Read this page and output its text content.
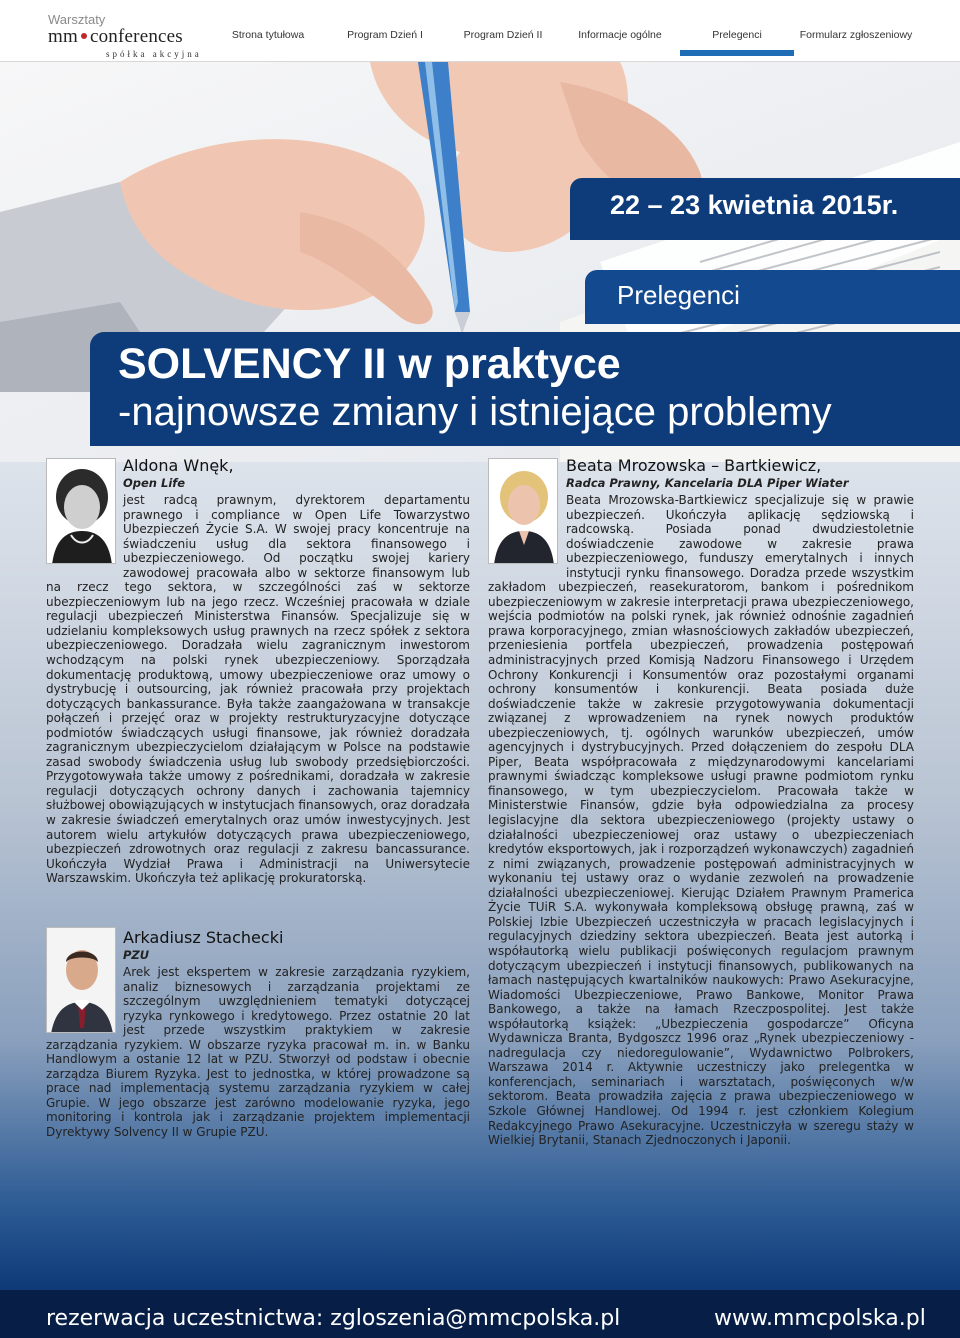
Warsztaty
mm conferences
spółka akcyjna
Strona tytułowa	Program Dzień I	Program Dzień II	Informacje ogólne	Prelegenci	Formularz zgłoszeniowy
22 – 23 kwietnia 2015r.
Prelegenci
SOLVENCY II w praktyce
-najnowsze zmiany i istniejące problemy
Aldona Wnęk,
Open Life
jest radcą prawnym, dyrektorem departamentu prawnego i compliance w Open Life Towarzystwo Ubezpieczeń Życie S.A. W swojej pracy koncentruje na świadczeniu usług dla sektora finansowego i ubezpieczeniowego. Od początku swojej kariery zawodowej pracowała albo w sektorze finansowym lub na rzecz tego sektora, w szczególności zaś w sektorze ubezpieczeniowym lub na jego rzecz. Wcześniej pracowała w dziale regulacji ubezpieczeń Ministerstwa Finansów. Specjalizuje się w udzielaniu kompleksowych usług prawnych na rzecz spółek z sektora ubezpieczeniowego. Doradzała wielu zagranicznym inwestorom wchodzącym na polski rynek ubezpieczeniowy. Sporządzała dokumentację produktową, umowy ubezpieczeniowe oraz umowy o dystrybucję i outsourcing, jak również pracowała przy projektach dotyczących bankassurance. Była także zaangażowana w transakcje połączeń i przejęć oraz w projekty restrukturyzacyjne dotyczące podmiotów świadczących usługi finansowe, jak również doradzała zagranicznym ubezpieczycielom działającym w Polsce na podstawie zasad swobody świadczenia usług lub swobody przedsiębiorczości. Przygotowywała także umowy z pośrednikami, doradzała w zakresie regulacji dotyczących ochrony danych i zachowania tajemnicy służbowej obowiązujących w instytucjach finansowych, oraz doradzała w zakresie świadczeń emerytalnych oraz umów inwestycyjnych. Jest autorem wielu artykułów dotyczących prawa ubezpieczeniowego, ubezpieczeń zdrowotnych oraz regulacji z zakresu bancassurance. Ukończyła Wydział Prawa i Administracji na Uniwersytecie Warszawskim. Ukończyła też aplikację prokuratorską.
Arkadiusz Stachecki
PZU
Arek jest ekspertem w zakresie zarządzania ryzykiem, analiz biznesowych i zarządzania projektami ze szczególnym uwzględnieniem tematyki dotyczącej ryzyka rynkowego i kredytowego. Przez ostatnie 20 lat jest przede wszystkim praktykiem w zakresie zarządzania ryzykiem. W obszarze ryzyka pracował m. in. w Banku Handlowym a ostanie 12 lat w PZU. Stworzył od podstaw i obecnie zarządza Biurem Ryzyka. Jest to jednostka, w której prowadzone są prace nad implementacją systemu zarządzania ryzykiem w całej Grupie. W jego obszarze jest zarówno modelowanie ryzyka, jego monitoring i kontrola jak i zarządzanie projektem implementacji Dyrektywy Solvency II w Grupie PZU.
Beata Mrozowska – Bartkiewicz,
Radca Prawny, Kancelaria DLA Piper Wiater
Beata Mrozowska-Bartkiewicz specjalizuje się w prawie ubezpieczeń. Ukończyła aplikację sędziowską i radcowską. Posiada ponad dwudziestoletnie doświadczenie zawodowe w zakresie prawa ubezpieczeniowego, funduszy emerytalnych i innych instytucji rynku finansowego. Doradza przede wszystkim zakładom ubezpieczeń, reasekuratorom, bankom i pośrednikom ubezpieczeniowym w zakresie interpretacji prawa ubezpieczeniowego, wejścia podmiotów na polski rynek, jak również odnośnie zagadnień prawa korporacyjnego, zmian własnościowych zakładów ubezpieczeń, przeniesienia portfela ubezpieczeń, prowadzenia postępowań administracyjnych przed Komisją Nadzoru Finansowego i Urzędem Ochrony Konkurencji i Konsumentów oraz pozostałymi organami ochrony konsumentów i konkurencji. Beata posiada duże doświadczenie także w zakresie przygotowywania dokumentacji związanej z wprowadzeniem na rynek nowych produktów ubezpieczeniowych, tj. ogólnych warunków ubezpieczeń, umów agencyjnych i dystrybucyjnych. Przed dołączeniem do zespołu DLA Piper, Beata współpracowała z międzynarodowymi kancelariami prawnymi świadcząc kompleksowe usługi prawne podmiotom rynku finansowego, w tym ubezpieczycielom. Pracowała także w Ministerstwie Finansów, gdzie była odpowiedzialna za procesy legislacyjne dla sektora ubezpieczeniowego (projekty ustawy o działalności ubezpieczeniowej oraz ustawy o ubezpieczeniach kredytów eksportowych, jak i rozporządzeń wykonawczych) zagadnień z nimi związanych, prowadzenie postępowań administracyjnych w wykonaniu tej ustawy oraz o wydanie zezwoleń na prowadzenie działalności ubezpieczeniowej. Kierując Działem Prawnym Pramerica Życie TUiR S.A. wykonywała kompleksową obsługę prawną, zaś w Polskiej Izbie Ubezpieczeń uczestniczyła w pracach legislacyjnych i regulacyjnych dziedziny sektora ubezpieczeń. Beata jest autorką i współautorką wielu publikacji poświęconych regulacjom prawnym dotyczącym ubezpieczeń i instytucji finansowych, publikowanych na łamach następujących kwartalników naukowych: Prawo Asekuracyjne, Wiadomości Ubezpieczeniowe, Prawo Bankowe, Monitor Prawa Bankowego, a także na łamach Rzeczpospolitej. Jest także współautorką książek: „Ubezpieczenia gospodarcze” Oficyna Wydawnicza Branta, Bydgoszcz 1996 oraz „Rynek ubezpieczeniowy - nadregulacja czy niedoregulowanie”, Wydawnictwo Polbrokers, Warszawa 2014 r. Aktywnie uczestniczy jako prelegentka w konferencjach, seminariach i warsztatach, poświęconych w/w sektorom. Beata prowadziła zajęcia z prawa ubezpieczeniowego w Szkole Głównej Handlowej. Od 1994 r. jest członkiem Kolegium Redakcyjnego Prawo Asekuracyjne. Uczestniczyła w szeregu staży w Wielkiej Brytanii, Stanach Zjednoczonych i Japonii.
rezerwacja uczestnictwa: zgloszenia@mmcpolska.pl	www.mmcpolska.pl
